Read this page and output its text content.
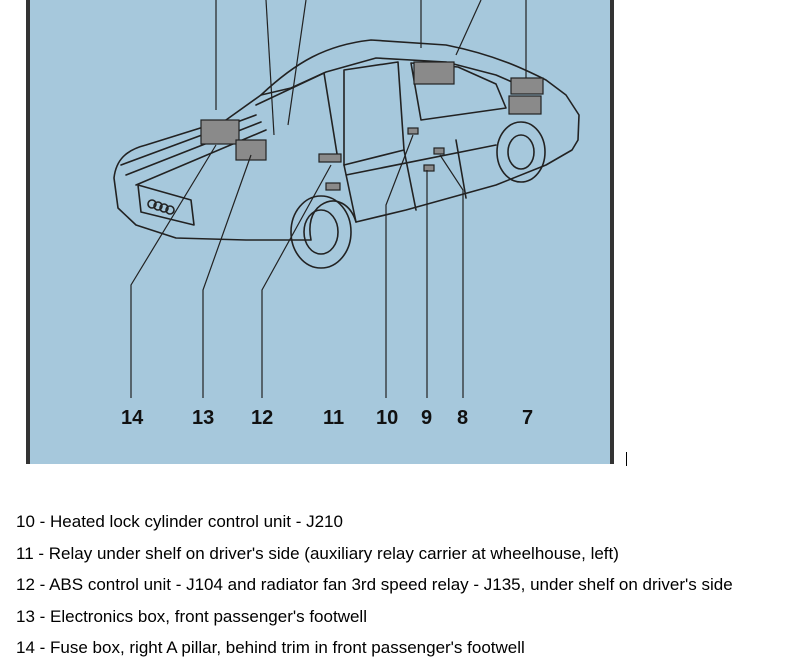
14 13 12 11 10 9 8	7
10 - Heated lock cylinder control unit - J210
11 - Relay under shelf on driver's side (auxiliary relay carrier at wheelhouse, left)
12 - ABS control unit - J104 and radiator fan 3rd speed relay - J135, under shelf on driver's side
13 - Electronics box, front passenger's footwell
14 - Fuse box, right A pillar, behind trim in front passenger's footwell
